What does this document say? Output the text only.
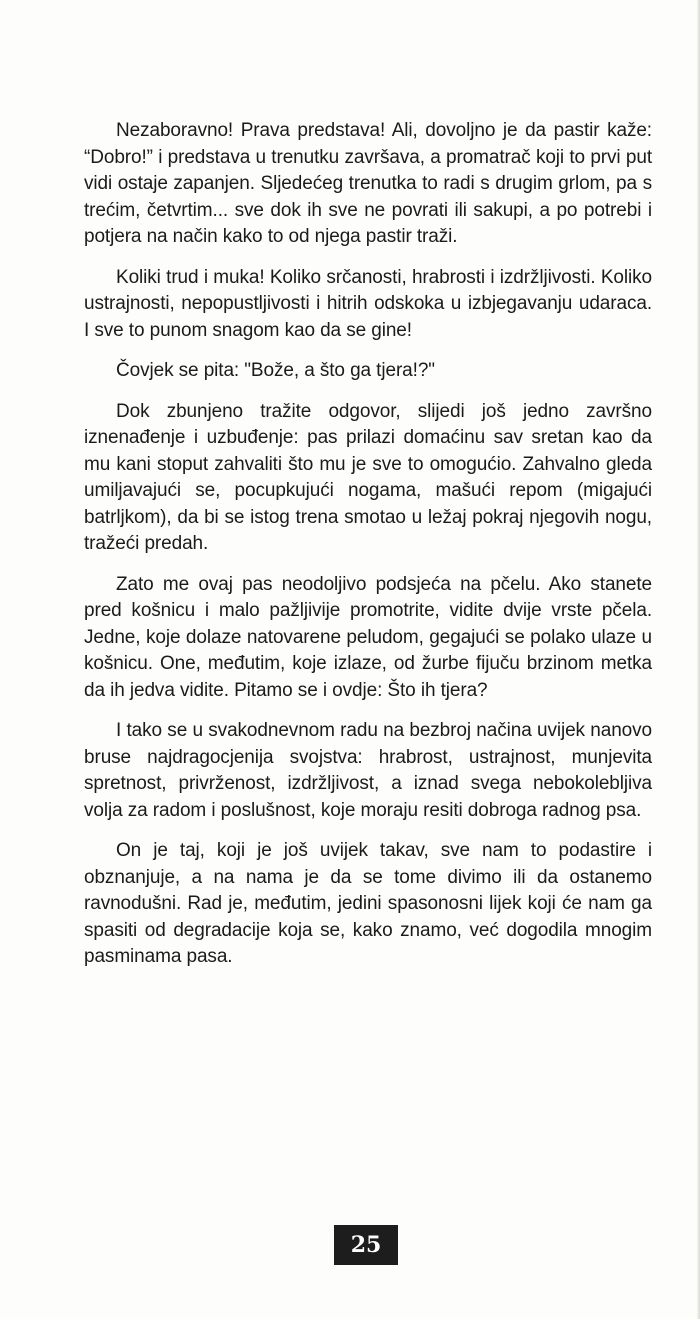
Nezaboravno! Prava predstava! Ali, dovoljno je da pastir kaže: “Dobro!” i predstava u trenutku završava, a promatrač koji to prvi put vidi ostaje zapanjen. Sljedećeg trenutka to radi s drugim grlom, pa s trećim, četvrtim... sve dok ih sve ne povrati ili sakupi, a po potrebi i potjera na način kako to od njega pastir traži.

Koliki trud i muka! Koliko srčanosti, hrabrosti i izdržljivosti. Koliko ustrajnosti, nepopustljivosti i hitrih odskoka u izbjegavanju udaraca. I sve to punom snagom kao da se gine!

Čovjek se pita: "Bože, a što ga tjera!?"

Dok zbunjeno tražite odgovor, slijedi još jedno završno iznenađenje i uzbuđenje: pas prilazi domaćinu sav sretan kao da mu kani stoput zahvaliti što mu je sve to omogućio. Zahvalno gleda umiljavajući se, pocupkujući nogama, mašući repom (migajući batrljkom), da bi se istog trena smotao u ležaj pokraj njegovih nogu, tražeći predah.

Zato me ovaj pas neodoljivo podsjeća na pčelu. Ako stanete pred košnicu i malo pažljivije promotrite, vidite dvije vrste pčela. Jedne, koje dolaze natovarene peludom, gegajući se polako ulaze u košnicu. One, međutim, koje izlaze, od žurbe fijuču brzinom metka da ih jedva vidite. Pitamo se i ovdje: Što ih tjera?

I tako se u svakodnevnom radu na bezbroj načina uvijek nanovo bruse najdragocjenija svojstva: hrabrost, ustrajnost, munjevita spretnost, privrženost, izdržljivost, a iznad svega nebokolebljiva volja za radom i poslušnost, koje moraju resiti dobroga radnog psa.

On je taj, koji je još uvijek takav, sve nam to podastire i obznanjuje, a na nama je da se tome divimo ili da ostanemo ravnodušni. Rad je, međutim, jedini spasonosni lijek koji će nam ga spasiti od degradacije koja se, kako znamo, već dogodila mnogim pasminama pasa.

25
